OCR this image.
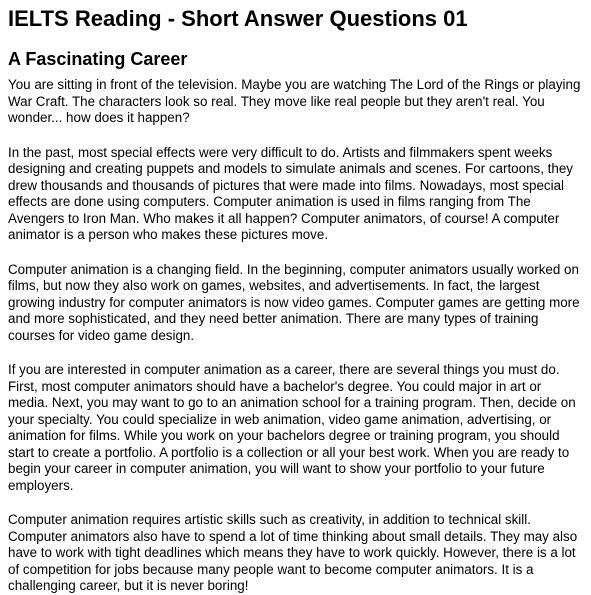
IELTS Reading - Short Answer Questions 01
A Fascinating Career

You are sitting in front of the television. Maybe you are watching The Lord of the Rings or playing War Craft. The characters look so real. They move like real people but they aren't real. You wonder... how does it happen?

In the past, most special effects were very difficult to do. Artists and filmmakers spent weeks designing and creating puppets and models to simulate animals and scenes. For cartoons, they drew thousands and thousands of pictures that were made into films. Nowadays, most special effects are done using computers. Computer animation is used in films ranging from The Avengers to Iron Man. Who makes it all happen? Computer animators, of course! A computer animator is a person who makes these pictures move.

Computer animation is a changing field. In the beginning, computer animators usually worked on films, but now they also work on games, websites, and advertisements. In fact, the largest growing industry for computer animators is now video games. Computer games are getting more and more sophisticated, and they need better animation. There are many types of training courses for video game design.

If you are interested in computer animation as a career, there are several things you must do. First, most computer animators should have a bachelor's degree. You could major in art or media. Next, you may want to go to an animation school for a training program. Then, decide on your specialty. You could specialize in web animation, video game animation, advertising, or animation for films. While you work on your bachelors degree or training program, you should start to create a portfolio. A portfolio is a collection or all your best work. When you are ready to begin your career in computer animation, you will want to show your portfolio to your future employers.

Computer animation requires artistic skills such as creativity, in addition to technical skill. Computer animators also have to spend a lot of time thinking about small details. They may also have to work with tight deadlines which means they have to work quickly. However, there is a lot of competition for jobs because many people want to become computer animators. It is a challenging career, but it is never boring!
